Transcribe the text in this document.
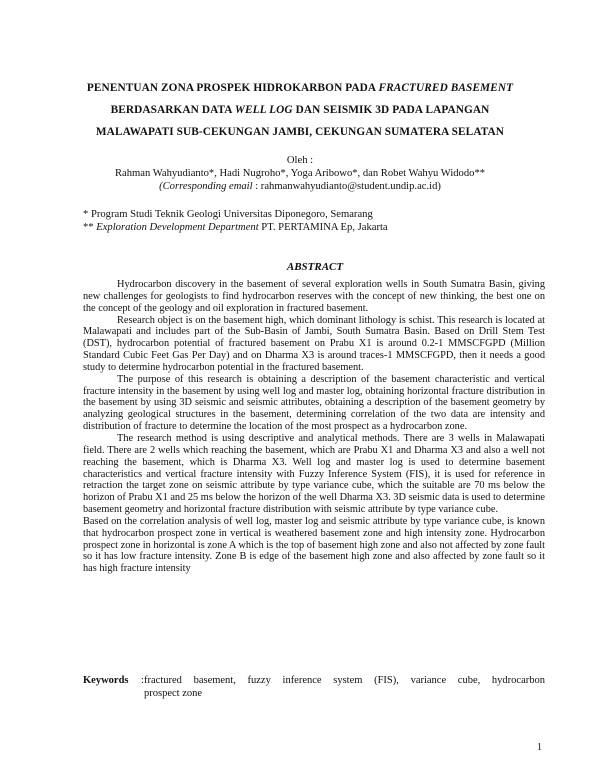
PENENTUAN ZONA PROSPEK HIDROKARBON PADA FRACTURED BASEMENT
BERDASARKAN DATA WELL LOG DAN SEISMIK 3D PADA LAPANGAN
MALAWAPATI SUB-CEKUNGAN JAMBI, CEKUNGAN SUMATERA SELATAN
Oleh :
Rahman Wahyudianto*, Hadi Nugroho*, Yoga Aribowo*, dan Robet Wahyu Widodo**
(Corresponding email : rahmanwahyudianto@student.undip.ac.id)
* Program Studi Teknik Geologi Universitas Diponegoro, Semarang
** Exploration Development Department PT. PERTAMINA Ep, Jakarta
ABSTRACT

Hydrocarbon discovery in the basement of several exploration wells in South Sumatra Basin, giving new challenges for geologists to find hydrocarbon reserves with the concept of new thinking, the best one on the concept of the geology and oil exploration in fractured basement.

Research object is on the basement high, which dominant lithology is schist. This research is located at Malawapati and includes part of the Sub-Basin of Jambi, South Sumatra Basin. Based on Drill Stem Test (DST), hydrocarbon potential of fractured basement on Prabu X1 is around 0.2-1 MMSCFGPD (Million Standard Cubic Feet Gas Per Day) and on Dharma X3 is around traces-1 MMSCFGPD, then it needs a good study to determine hydrocarbon potential in the fractured basement.

The purpose of this research is obtaining a description of the basement characteristic and vertical fracture intensity in the basement by using well log and master log, obtaining horizontal fracture distribution in the basement by using 3D seismic and seismic attributes, obtaining a description of the basement geometry by analyzing geological structures in the basement, determining correlation of the two data are intensity and distribution of fracture to determine the location of the most prospect as a hydrocarbon zone.

The research method is using descriptive and analytical methods. There are 3 wells in Malawapati field. There are 2 wells which reaching the basement, which are Prabu X1 and Dharma X3 and also a well not reaching the basement, which is Dharma X3. Well log and master log is used to determine basement characteristics and vertical fracture intensity with Fuzzy Inference System (FIS), it is used for reference in retraction the target zone on seismic attribute by type variance cube, which the suitable are 70 ms below the horizon of Prabu X1 and 25 ms below the horizon of the well Dharma X3. 3D seismic data is used to determine basement geometry and horizontal fracture distribution with seismic attribute by type variance cube.

Based on the correlation analysis of well log, master log and seismic attribute by type variance cube, is known that hydrocarbon prospect zone in vertical is weathered basement zone and high intensity zone. Hydrocarbon prospect zone in horizontal is zone A which is the top of basement high zone and also not affected by zone fault so it has low fracture intensity. Zone B is edge of the basement high zone and also affected by zone fault so it has high fracture intensity

Keywords : fractured basement, fuzzy inference system (FIS), variance cube, hydrocarbon
prospect zone
1
